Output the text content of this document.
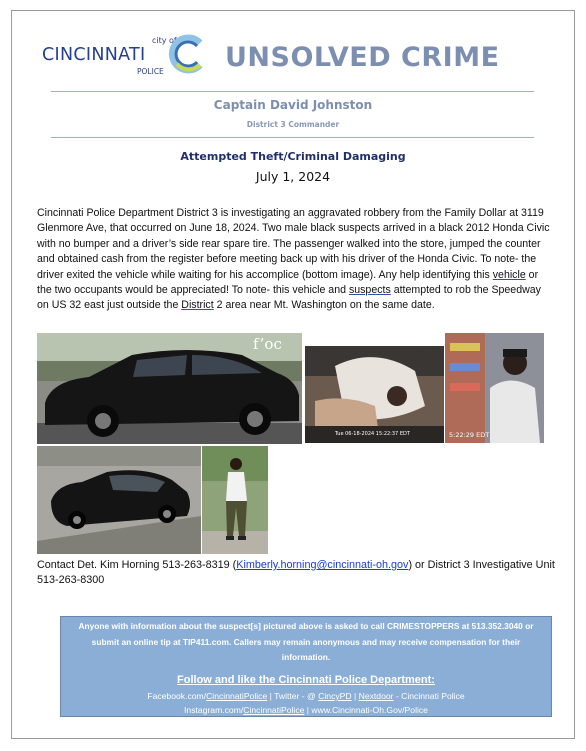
city of
CINCINNATI
POLICE UNSOLVED CRIME
Captain David Johnston
District 3 Commander
Attempted Theft/Criminal Damaging
July 1, 2024
Cincinnati Police Department District 3 is investigating an aggravated robbery from the Family Dollar at 3119 Glenmore Ave, that occurred on June 18, 2024. Two male black suspects arrived in a black 2012 Honda Civic with no bumper and a driver’s side rear spare tire. The passenger walked into the store, jumped the counter and obtained cash from the register before meeting back up with his driver of the Honda Civic. To note- the driver exited the vehicle while waiting for his accomplice (bottom image). Any help identifying this vehicle or the two occupants would be appreciated! To note- this vehicle and suspects attempted to rob the Speedway on US 32 east just outside the District 2 area near Mt. Washington on the same date.
f’oc
Tue 06-18-2024 15:22:37 EDT	5:22:29 EDT
Contact Det. Kim Horning 513-263-8319 (Kimberly.horning@cincinnati-oh.gov) or District 3 Investigative Unit 513-263-8300
Anyone with information about the suspect[s] pictured above is asked to call CRIMESTOPPERS at 513.352.3040 or submit an online tip at TIP411.com. Callers may remain anonymous and may receive compensation for their information.
Follow and like the Cincinnati Police Department:
Facebook.com/CincinnatiPolice | Twitter - @ CincyPD | Nextdoor - Cincinnati Police
Instagram.com/CincinnatiPolice | www.Cincinnati-Oh.Gov/Police
